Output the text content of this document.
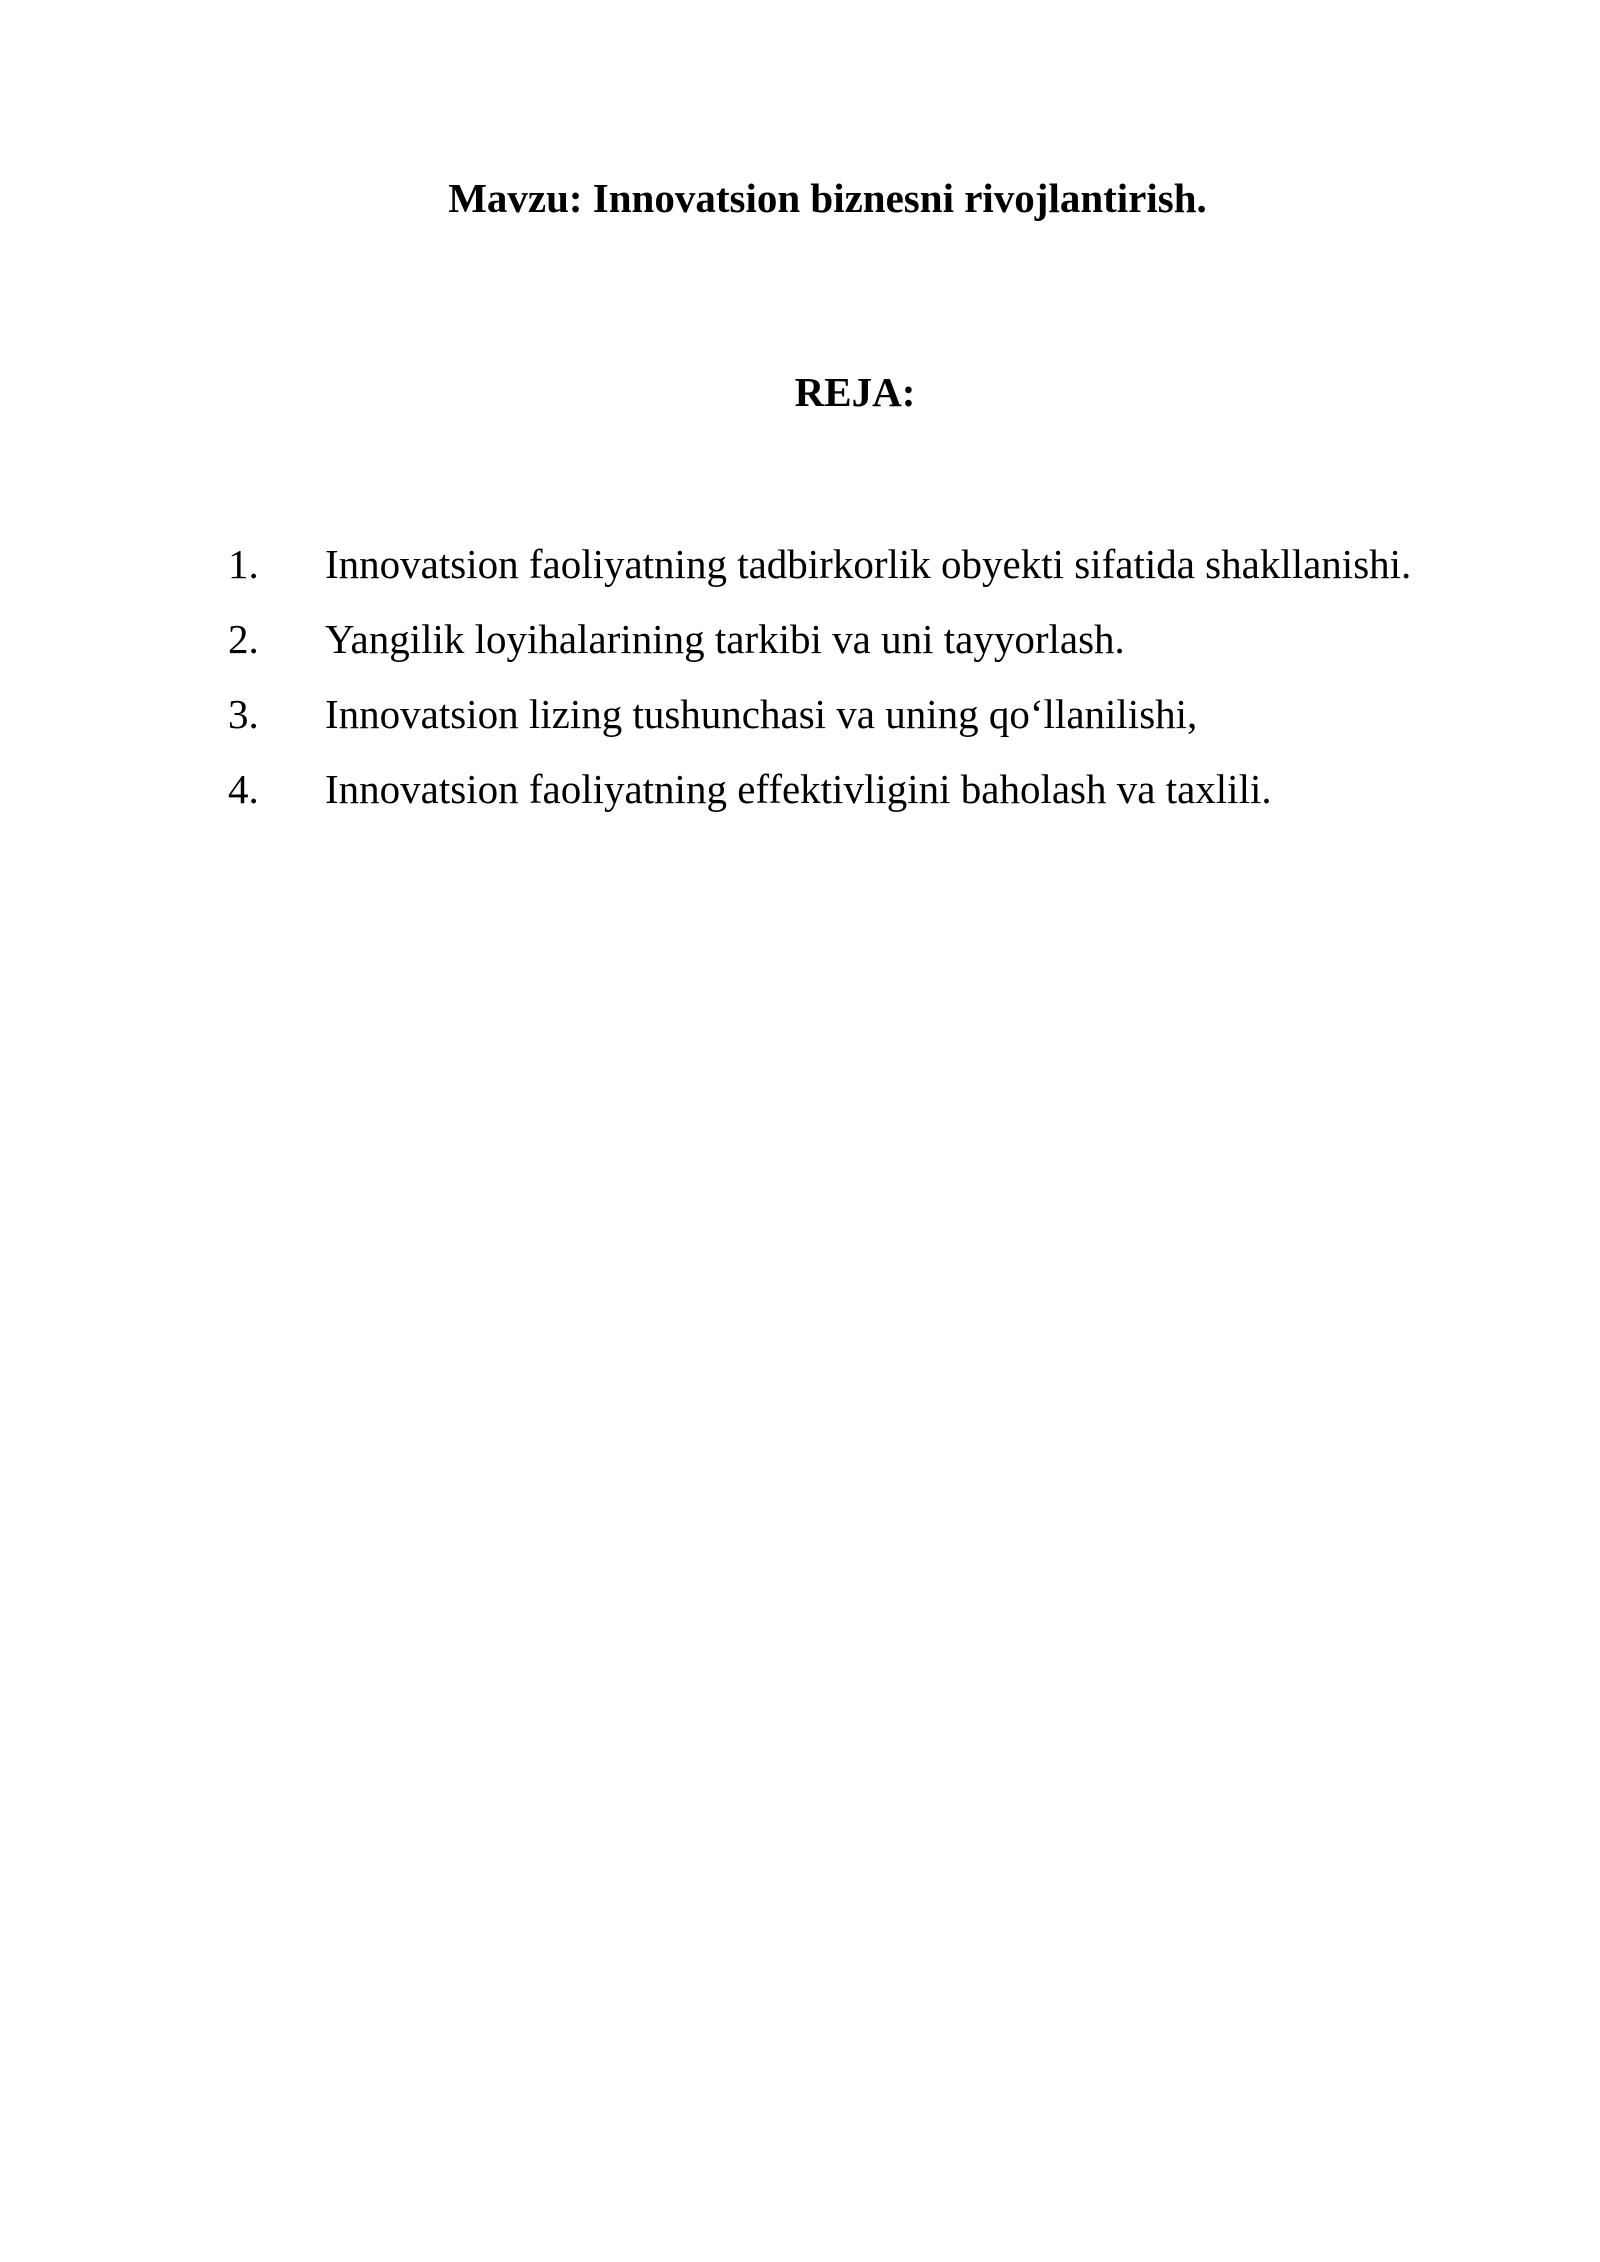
Mavzu: Innovatsion biznesni rivojlantirish.
REJA:
1. Innovatsion faoliyatning tadbirkorlik obyekti sifatida shakllanishi.
2. Yangilik loyihalarining tarkibi va uni tayyorlash.
3. Innovatsion lizing tushunchasi va uning qo‘llanilishi,
4. Innovatsion faoliyatning effektivligini baholash va taxlili.
